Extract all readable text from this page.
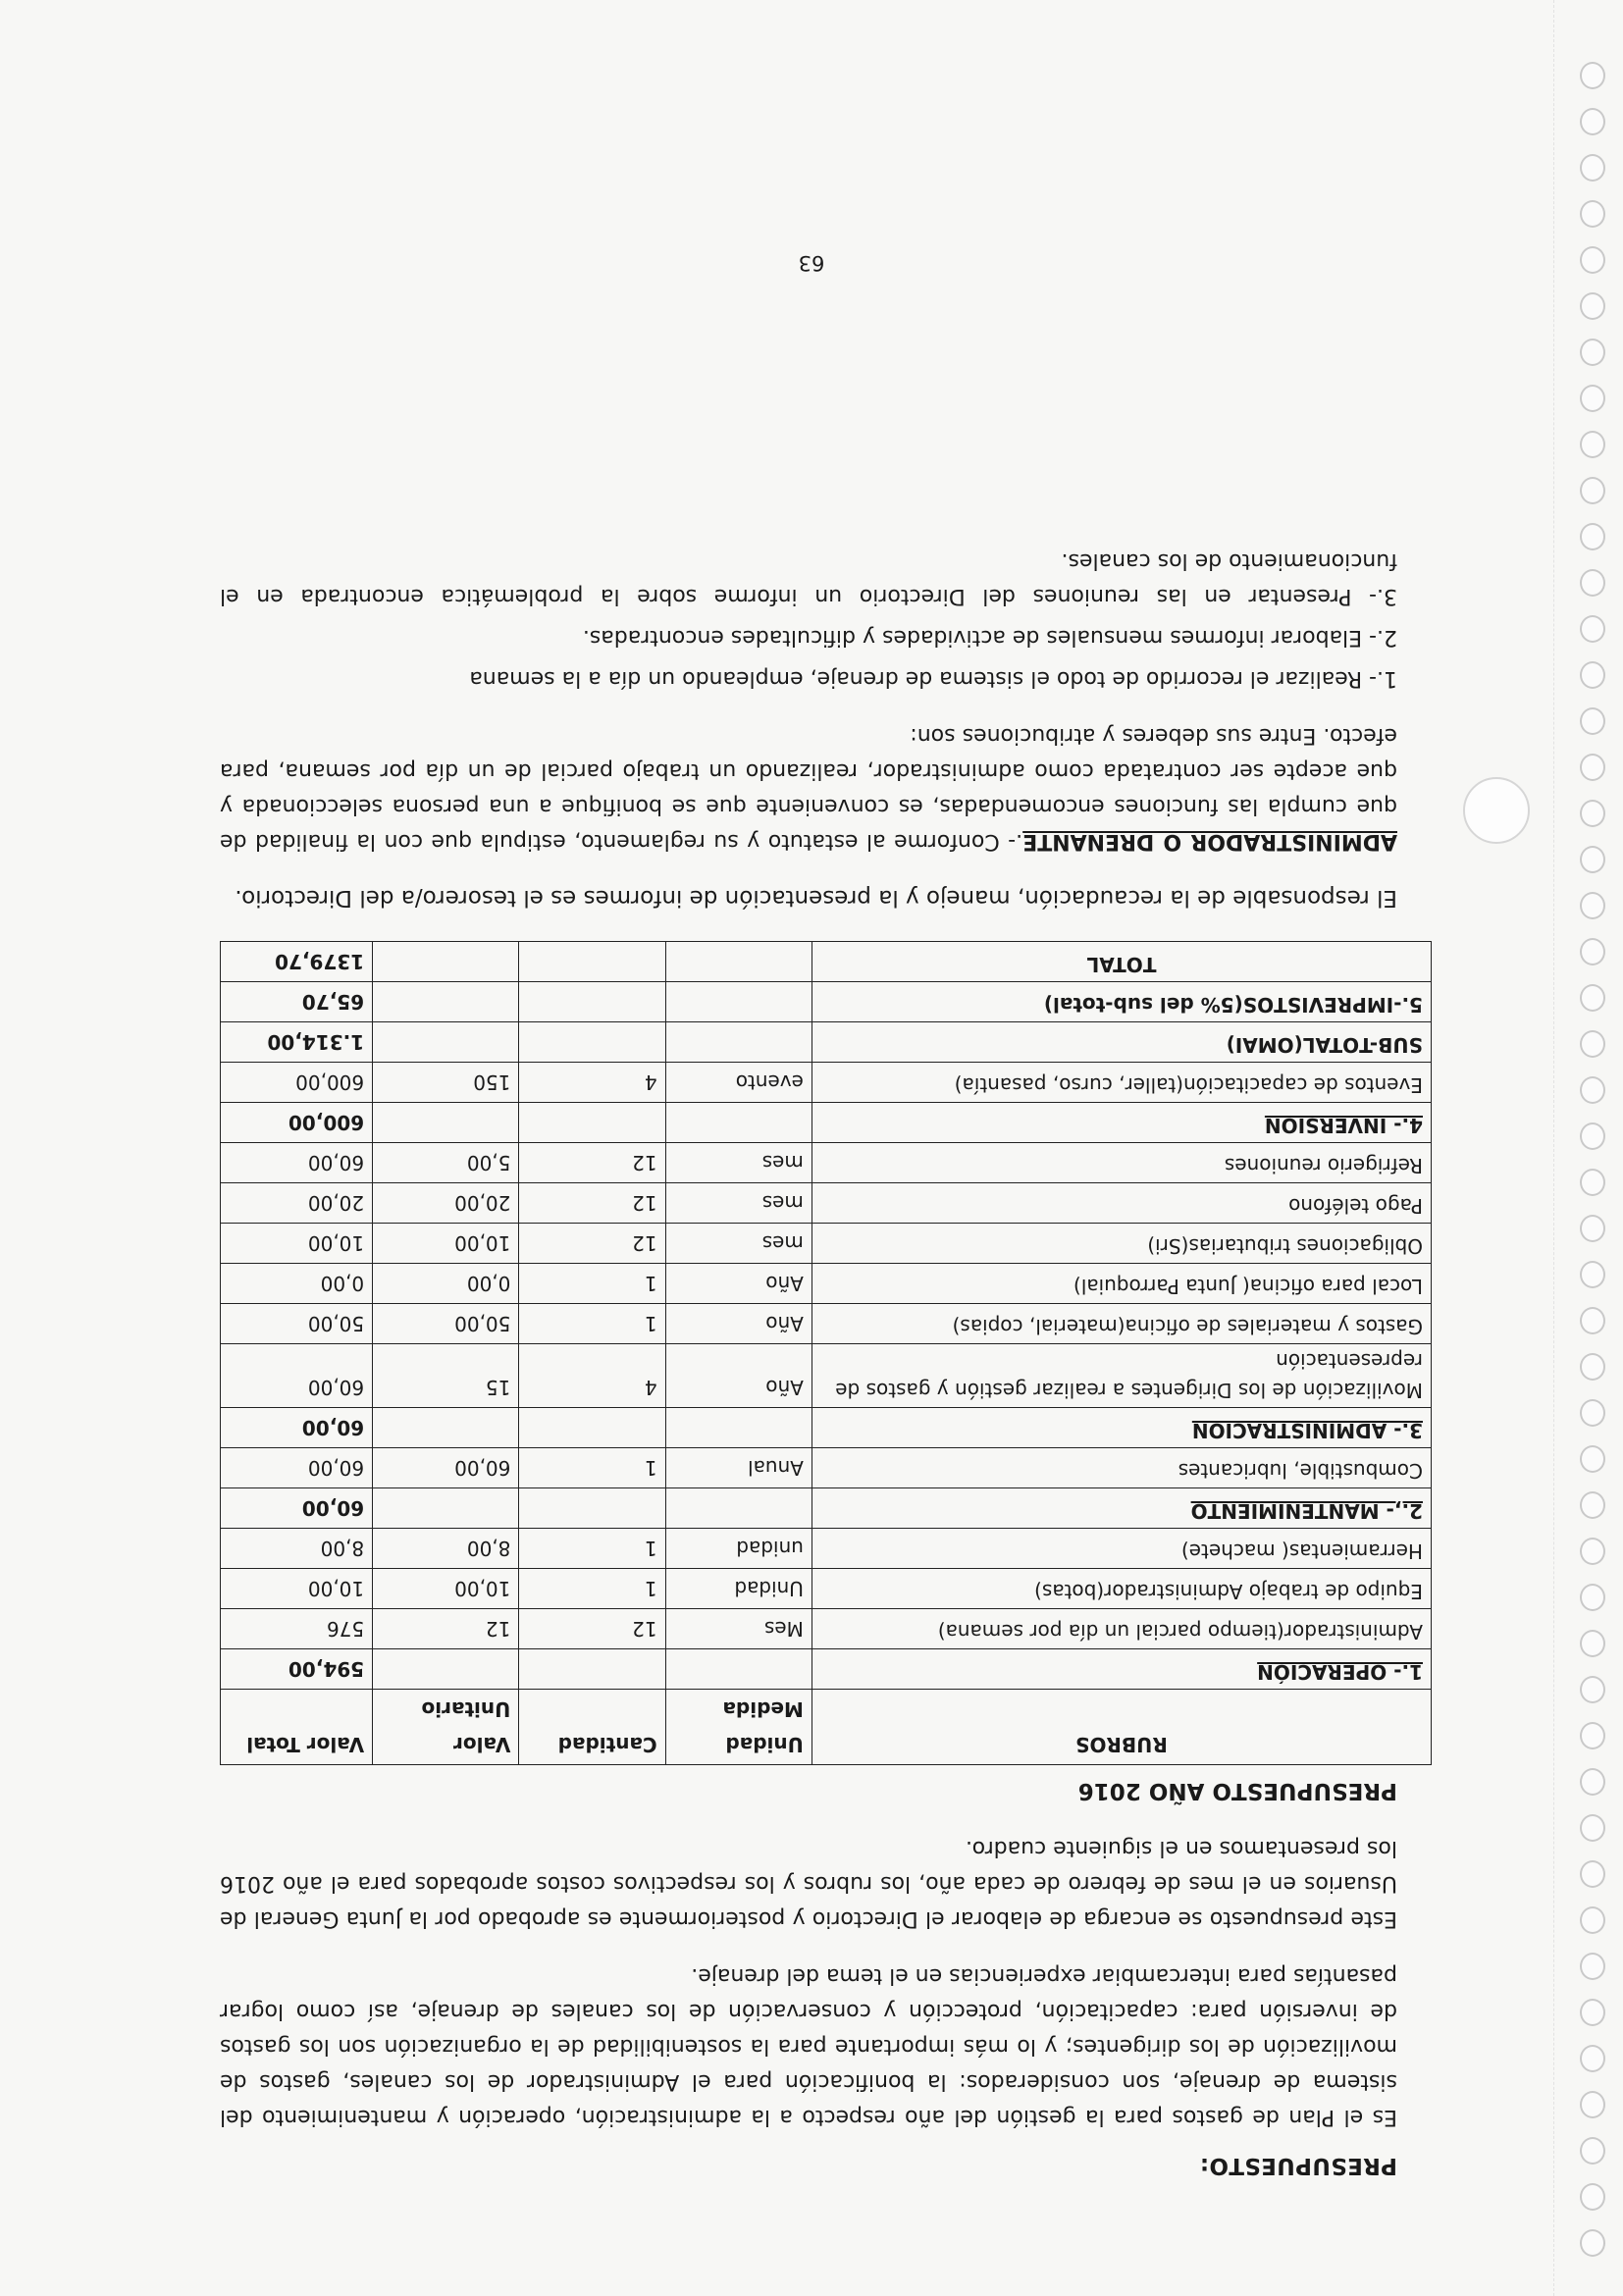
PRESUPUESTO:

Es el Plan de gastos para la gestión del año respecto a la administración, operación y mantenimiento del sistema de drenaje, son considerados: la bonificación para el Administrador de los canales, gastos de movilización de los dirigentes; y lo más importante para la sostenibilidad de la organización son los gastos de inversión para: capacitación, protección y conservación de los canales de drenaje, así como lograr pasantías para intercambiar experiencias en el tema del drenaje.

Este presupuesto se encarga de elaborar el Directorio y posteriormente es aprobado por la Junta General de Usuarios en el mes de febrero de cada año, los rubros y los respectivos costos aprobados para el año 2016 los presentamos en el siguiente cuadro.

PRESUPUESTO AÑO 2016
RUBROS	Unidad Medida	Cantidad	Valor Unitario	Valor Total
1.- OPERACIÓN				594,00
Administrador(tiempo parcial un día por semana)	Mes	12	12	576
Equipo de trabajo Administrador(botas)	Unidad	1	10,00	10,00
Herramientas( machete)	unidad	1	8,00	8,00
2.,- MANTENIMIENTO				60,00
Combustible, lubricantes	Anual	1	60,00	60,00
3.- ADMINISTRACION				60,00
Movilización de los Dirigentes a realizar gestión y gastos de representación	Año	4	15	60,00
Gastos y materiales de oficina(material, copias)	Año	1	50,00	50,00
Local para oficina( Junta Parroquial)	Año	1	0,00	0,00
Obligaciones tributarias(Sri)	mes	12	10,00	10,00
Pago teléfono	mes	12	20,00	20,00
Refrigerio reuniones	mes	12	5,00	60,00
4.- INVERSION				600,00
Eventos de capacitación(taller, curso, pasantía)	evento	4	150	600,00
SUB-TOTAL(OMAI)				1.314,00
5.-IMPREVISTOS(5% del sub-total)				65,70
TOTAL				1379,70

El responsable de la recaudación, manejo y la presentación de informes es el tesorero/a del Directorio.

ADMINISTRADOR O DRENANTE.- Conforme al estatuto y su reglamento, estipula que con la finalidad de que cumpla las funciones encomendadas, es conveniente que se bonifique a una persona seleccionada y que acepte ser contratada como administrador, realizando un trabajo parcial de un día por semana, para efecto. Entre sus deberes y atribuciones son:

1.- Realizar el recorrido de todo el sistema de drenaje, empleando un día a la semana
2.- Elaborar informes mensuales de actividades y dificultades encontradas.
3.- Presentar en las reuniones del Directorio un informe sobre la problemática encontrada en el funcionamiento de los canales.
63
